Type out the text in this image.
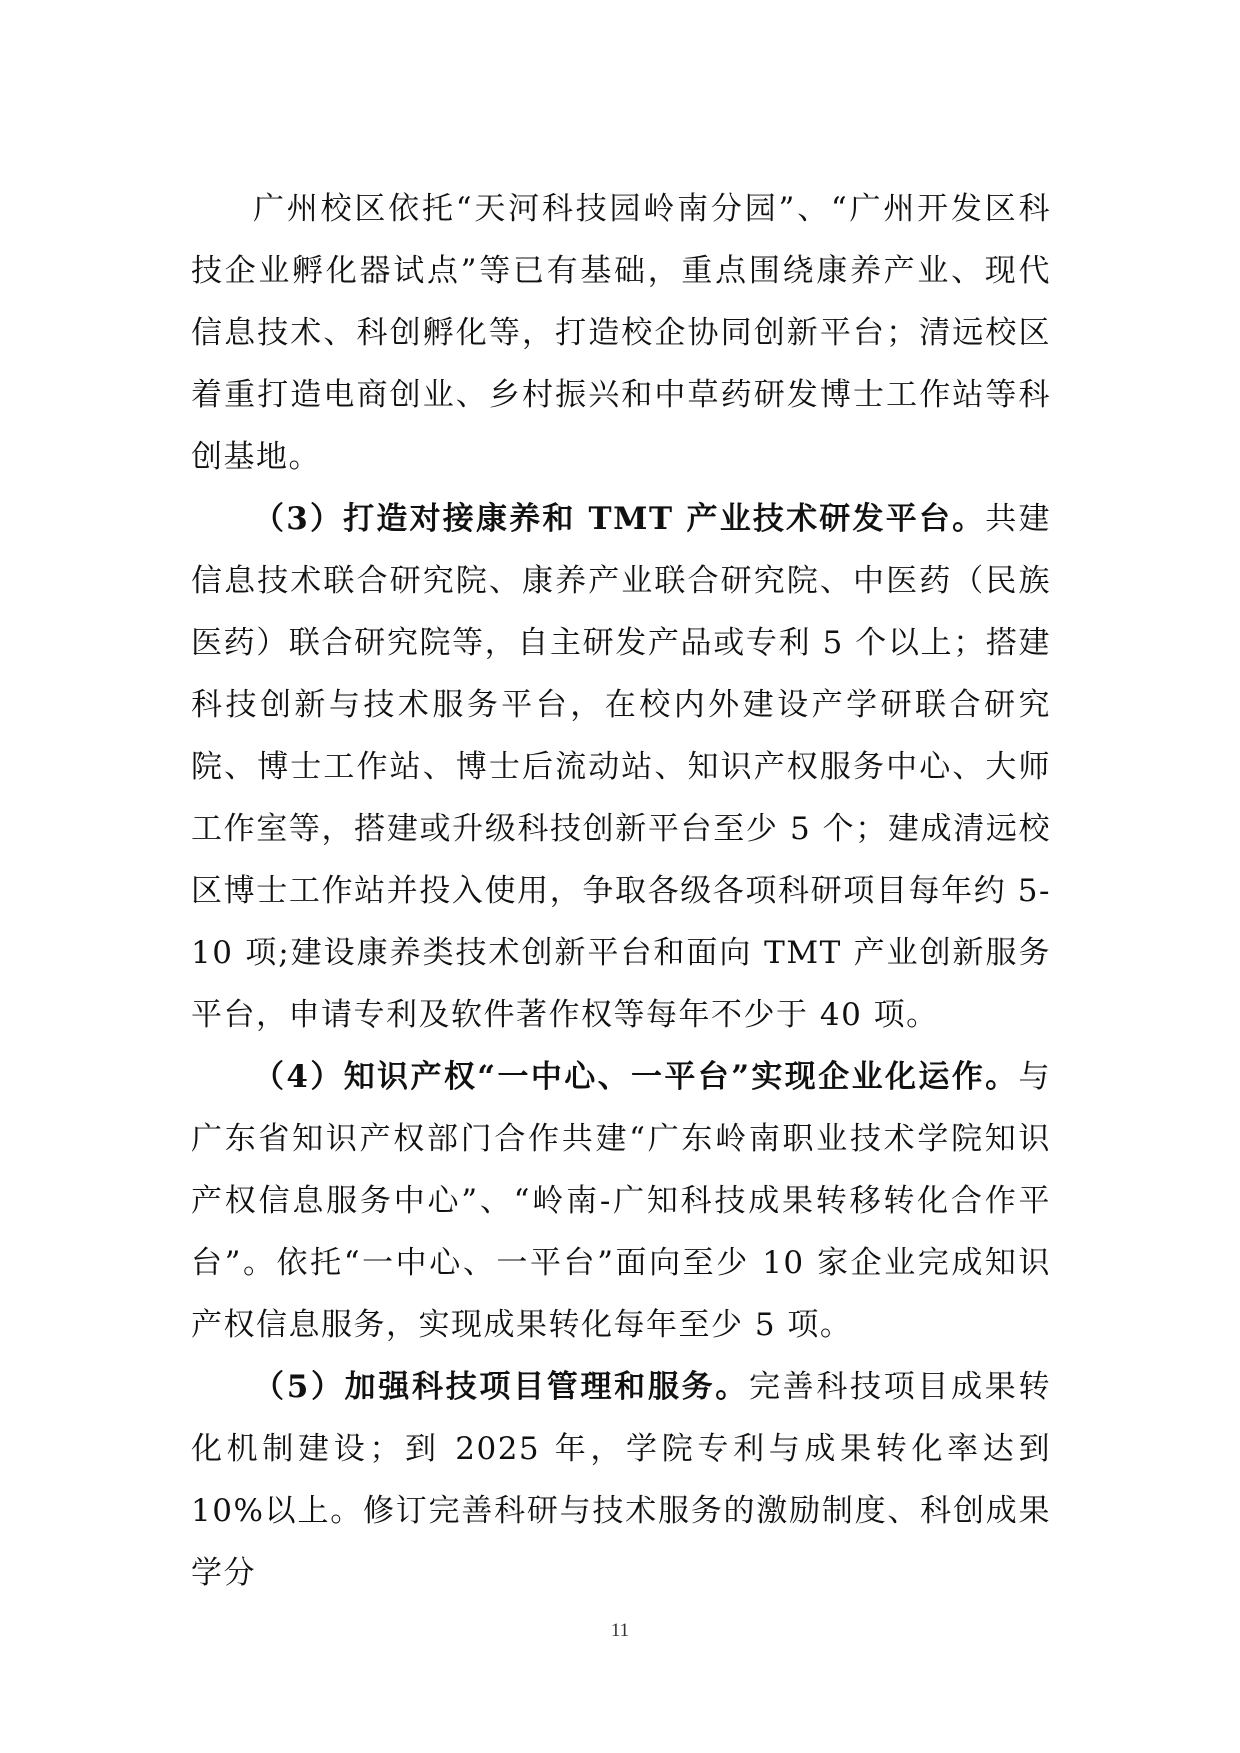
广州校区依托“天河科技园岭南分园”、“广州开发区科技企业孵化器试点”等已有基础，重点围绕康养产业、现代信息技术、科创孵化等，打造校企协同创新平台；清远校区着重打造电商创业、乡村振兴和中草药研发博士工作站等科创基地。

（3）打造对接康养和 TMT 产业技术研发平台。共建信息技术联合研究院、康养产业联合研究院、中医药（民族医药）联合研究院等，自主研发产品或专利 5 个以上；搭建科技创新与技术服务平台，在校内外建设产学研联合研究院、博士工作站、博士后流动站、知识产权服务中心、大师工作室等，搭建或升级科技创新平台至少 5 个；建成清远校区博士工作站并投入使用，争取各级各项科研项目每年约 5-10 项;建设康养类技术创新平台和面向 TMT 产业创新服务平台，申请专利及软件著作权等每年不少于 40 项。

（4）知识产权“一中心、一平台”实现企业化运作。与广东省知识产权部门合作共建“广东岭南职业技术学院知识产权信息服务中心”、“岭南-广知科技成果转移转化合作平台”。依托“一中心、一平台”面向至少 10 家企业完成知识产权信息服务，实现成果转化每年至少 5 项。

（5）加强科技项目管理和服务。完善科技项目成果转化机制建设；到 2025 年，学院专利与成果转化率达到 10%以上。修订完善科研与技术服务的激励制度、科创成果学分

11
